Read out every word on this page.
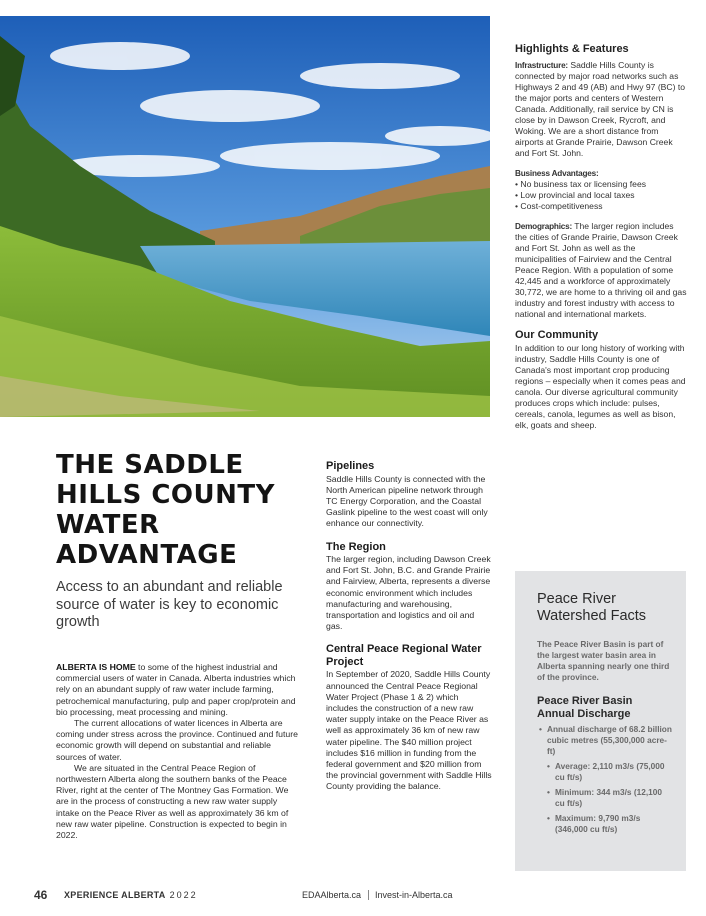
Highlights & Features

Infrastructure: Saddle Hills County is connected by major road networks such as Highways 2 and 49 (AB) and Hwy 97 (BC) to the major ports and centers of Western Canada. Additionally, rail service by CN is close by in Dawson Creek, Rycroft, and Woking. We are a short distance from airports at Grande Prairie, Dawson Creek and Fort St. John.

Business Advantages:
• No business tax or licensing fees
• Low provincial and local taxes
• Cost-competitiveness

Demographics: The larger region includes the cities of Grande Prairie, Dawson Creek and Fort St. John as well as the municipalities of Fairview and the Central Peace Region. With a population of some 42,445 and a workforce of approximately 30,772, we are home to a thriving oil and gas industry and forest industry with access to national and international markets.

Our Community

In addition to our long history of working with industry, Saddle Hills County is one of Canada's most important crop producing regions – especially when it comes peas and canola. Our diverse agricultural community produces crops which include: pulses, cereals, canola, legumes as well as bison, elk, goats and sheep.

THE SADDLE
HILLS COUNTY
WATER
ADVANTAGE
Access to an abundant and reliable source of water is key to economic growth

ALBERTA IS HOME to some of the highest industrial and commercial users of water in Canada. Alberta industries which rely on an abundant supply of raw water include farming, petrochemical manufacturing, pulp and paper crop/protein and bio processing, meat processing and mining.

The current allocations of water licences in Alberta are coming under stress across the province. Continued and future economic growth will depend on substantial and reliable sources of water.

We are situated in the Central Peace Region of northwestern Alberta along the southern banks of the Peace River, right at the center of The Montney Gas Formation. We are in the process of constructing a new raw water supply intake on the Peace River as well as approximately 36 km of new raw water pipeline. Construction is expected to begin in 2022.

Pipelines

Saddle Hills County is connected with the North American pipeline network through TC Energy Corporation, and the Coastal Gaslink pipeline to the west coast will only enhance our connectivity.

The Region

The larger region, including Dawson Creek and Fort St. John, B.C. and Grande Prairie and Fairview, Alberta, represents a diverse economic environment which includes manufacturing and warehousing, transportation and logistics and oil and gas.

Central Peace Regional Water Project

In September of 2020, Saddle Hills County announced the Central Peace Regional Water Project (Phase 1 & 2) which includes the construction of a new raw water supply intake on the Peace River as well as approximately 36 km of new raw water pipeline. The $40 million project includes $16 million in funding from the federal government and $20 million from the provincial government with Saddle Hills County providing the balance.

Peace River Watershed Facts
The Peace River Basin is part of the largest water basin area in Alberta spanning nearly one third of the province.
Peace River Basin Annual Discharge
• Annual discharge of 68.2 billion cubic metres (55,300,000 acre-ft)
• Average: 2,110 m3/s (75,000 cu ft/s)
• Minimum: 344 m3/s (12,100 cu ft/s)
• Maximum: 9,790 m3/s (346,000 cu ft/s)
46 XPERIENCE ALBERTA 2022	EDAAlberta.ca Invest-in-Alberta.ca
